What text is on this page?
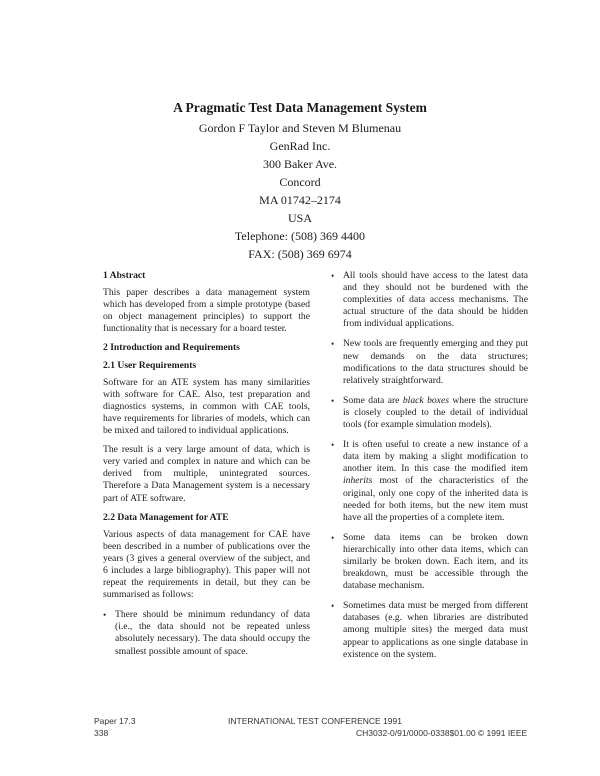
A Pragmatic Test Data Management System
Gordon F Taylor and Steven M Blumenau
GenRad Inc.
300 Baker Ave.
Concord
MA 01742–2174
USA
Telephone: (508) 369 4400
FAX: (508) 369 6974
1 Abstract

This paper describes a data management system which has developed from a simple prototype (based on object management principles) to support the functionality that is necessary for a board tester.

2 Introduction and Requirements
2.1 User Requirements

Software for an ATE system has many similarities with software for CAE. Also, test preparation and diagnostics systems, in common with CAE tools, have requirements for libraries of models, which can be mixed and tailored to individual applications.

The result is a very large amount of data, which is very varied and complex in nature and which can be derived from multiple, unintegrated sources. Therefore a Data Management system is a necessary part of ATE software.

2.2 Data Management for ATE

Various aspects of data management for CAE have been described in a number of publications over the years (3 gives a general overview of the subject, and 6 includes a large bibliography). This paper will not repeat the requirements in detail, but they can be summarised as follows:

• There should be minimum redundancy of data (i.e., the data should not be repeated unless absolutely necessary). The data should occupy the smallest possible amount of space.
• All tools should have access to the latest data and they should not be burdened with the complexities of data access mechanisms. The actual structure of the data should be hidden from individual applications.
• New tools are frequently emerging and they put new demands on the data structures; modifications to the data structures should be relatively straightforward.
• Some data are black boxes where the structure is closely coupled to the detail of individual tools (for example simulation models).
• It is often useful to create a new instance of a data item by making a slight modification to another item. In this case the modified item inherits most of the characteristics of the original, only one copy of the inherited data is needed for both items, but the new item must have all the properties of a complete item.
• Some data items can be broken down hierarchically into other data items, which can similarly be broken down. Each item, and its breakdown, must be accessible through the database mechanism.
• Sometimes data must be merged from different databases (e.g. when libraries are distributed among multiple sites) the merged data must appear to applications as one single database in existence on the system.
Paper 17.3
338
INTERNATIONAL TEST CONFERENCE 1991
CH3032-0/91/0000-0338$01.00 © 1991 IEEE
